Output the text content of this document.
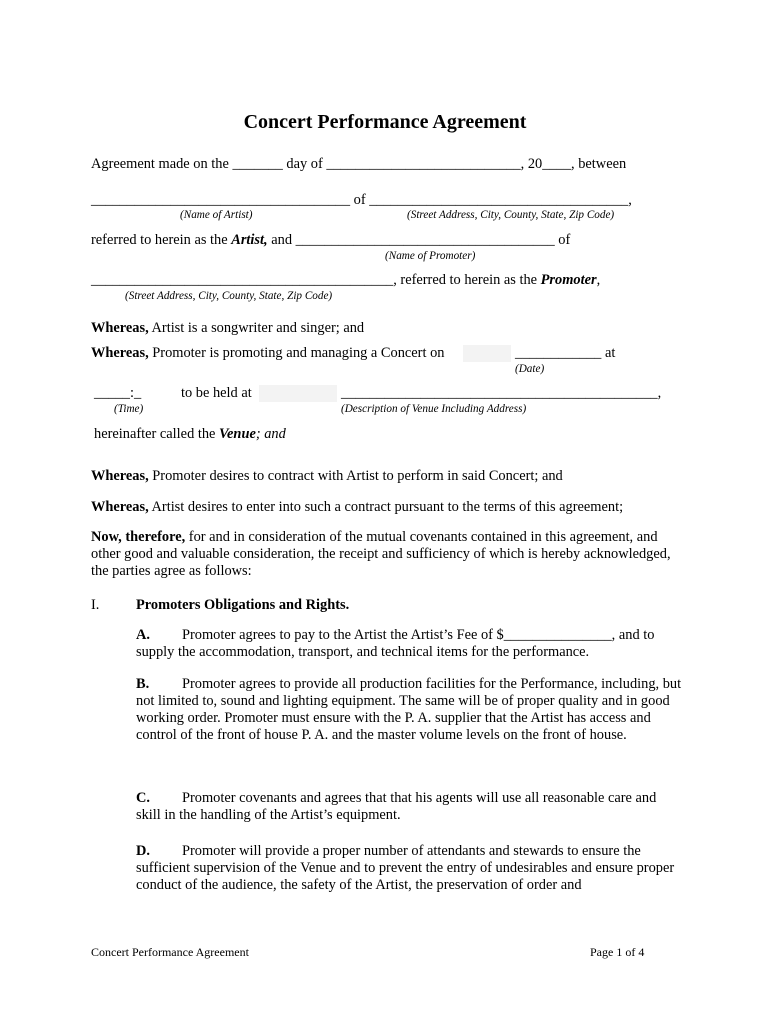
Concert Performance Agreement
Agreement made on the _______ day of ___________________________, 20____, between
____________________________________ of ____________________________________,
(Name of Artist)	(Street Address, City, County, State, Zip Code)
referred to herein as the Artist, and ____________________________________ of
(Name of Promoter)
__________________________________________, referred to herein as the Promoter,
(Street Address, City, County, State, Zip Code)
Whereas, Artist is a songwriter and singer; and
Whereas, Promoter is promoting and managing a Concert on	____________ at
(Date)
_____:_	to be held at	____________________________________________,
(Time)	(Description of Venue Including Address)
hereinafter called the Venue; and
Whereas, Promoter desires to contract with Artist to perform in said Concert; and
Whereas, Artist desires to enter into such a contract pursuant to the terms of this agreement;
Now, therefore, for and in consideration of the mutual covenants contained in this agreement, and other good and valuable consideration, the receipt and sufficiency of which is hereby acknowledged, the parties agree as follows:
I.	Promoters Obligations and Rights.
A. Promoter agrees to pay to the Artist the Artist’s Fee of $_______________, and to supply the accommodation, transport, and technical items for the performance.
B. Promoter agrees to provide all production facilities for the Performance, including, but not limited to, sound and lighting equipment. The same will be of proper quality and in good working order. Promoter must ensure with the P. A. supplier that the Artist has access and control of the front of house P. A. and the master volume levels on the front of house.
C. Promoter covenants and agrees that that his agents will use all reasonable care and skill in the handling of the Artist’s equipment.
D. Promoter will provide a proper number of attendants and stewards to ensure the sufficient supervision of the Venue and to prevent the entry of undesirables and ensure proper conduct of the audience, the safety of the Artist, the preservation of order and
Concert Performance Agreement	Page 1 of 4
